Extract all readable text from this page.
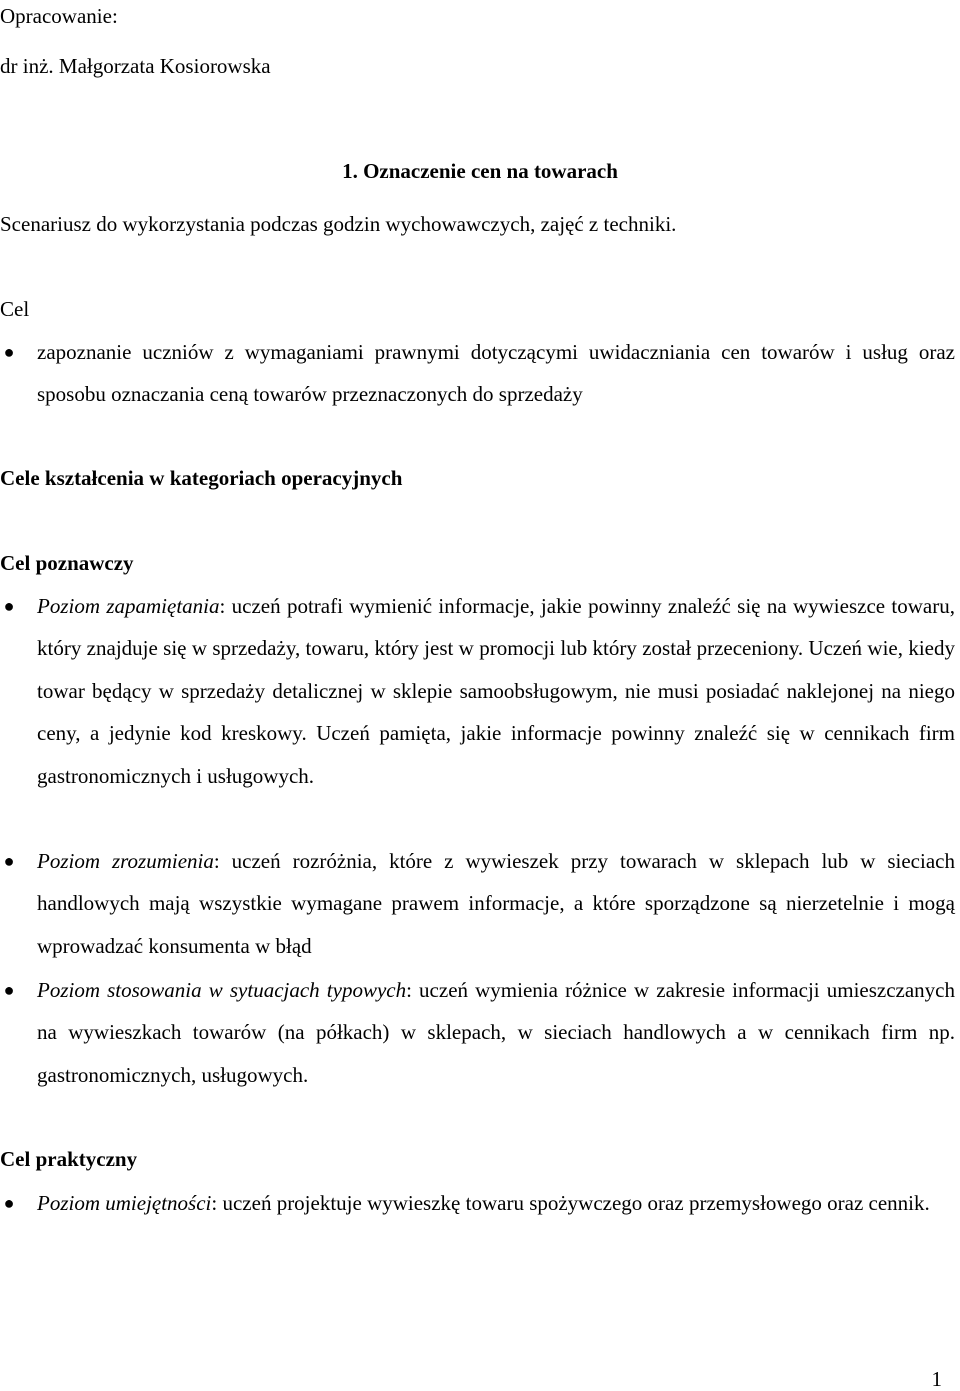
Opracowanie:
dr inż. Małgorzata Kosiorowska
1. Oznaczenie cen na towarach
Scenariusz do wykorzystania podczas godzin wychowawczych, zajęć z techniki.
Cel
● zapoznanie uczniów z wymaganiami prawnymi dotyczącymi uwidaczniania cen towarów i usług oraz sposobu oznaczania ceną towarów przeznaczonych do sprzedaży
Cele kształcenia w kategoriach operacyjnych
Cel poznawczy
● Poziom zapamiętania: uczeń potrafi wymienić informacje, jakie powinny znaleźć się na wywieszce towaru, który znajduje się w sprzedaży, towaru, który jest w promocji lub który został przeceniony. Uczeń wie, kiedy towar będący w sprzedaży detalicznej w sklepie samoobsługowym, nie musi posiadać naklejonej na niego ceny, a jedynie kod kreskowy. Uczeń pamięta, jakie informacje powinny znaleźć się w cennikach firm gastronomicznych i usługowych.
● Poziom zrozumienia: uczeń rozróżnia, które z wywieszek przy towarach w sklepach lub w sieciach handlowych mają wszystkie wymagane prawem informacje, a które sporządzone są nierzetelnie i mogą wprowadzać konsumenta w błąd
● Poziom stosowania w sytuacjach typowych: uczeń wymienia różnice w zakresie informacji umieszczanych na wywieszkach towarów (na półkach) w sklepach, w sieciach handlowych a w cennikach firm np. gastronomicznych, usługowych.
Cel praktyczny
● Poziom umiejętności: uczeń projektuje wywieszkę towaru spożywczego oraz przemysłowego oraz cennik.
1
